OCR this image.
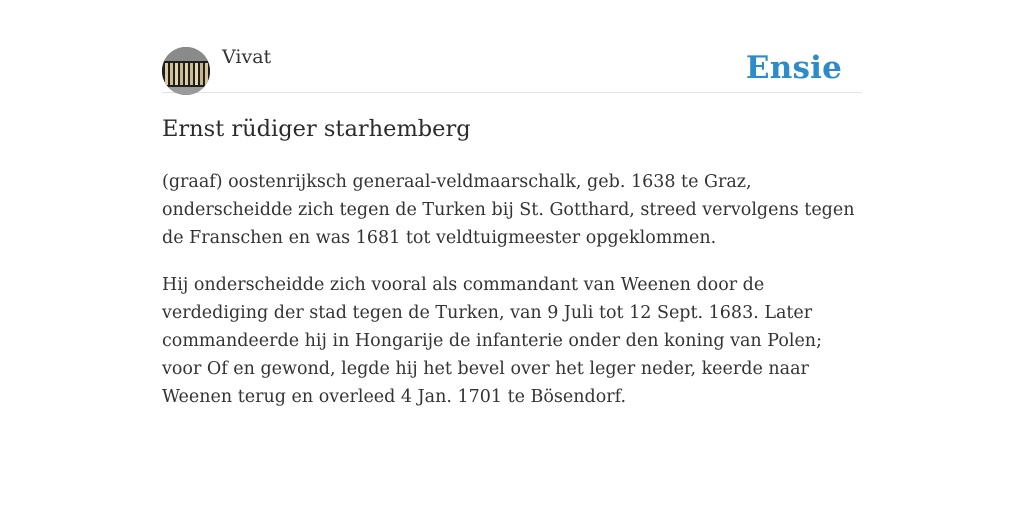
Vivat	Ensie
Ernst rüdiger starhemberg

(graaf) oostenrijksch generaal-veldmaarschalk, geb. 1638 te Graz, onderscheidde zich tegen de Turken bij St. Gotthard, streed vervolgens tegen de Franschen en was 1681 tot veldtuigmeester opgeklommen.

Hij onderscheidde zich vooral als commandant van Weenen door de verdediging der stad tegen de Turken, van 9 Juli tot 12 Sept. 1683. Later commandeerde hij in Hongarije de infanterie onder den koning van Polen; voor Of en gewond, legde hij het bevel over het leger neder, keerde naar Weenen terug en overleed 4 Jan. 1701 te Bösendorf.
